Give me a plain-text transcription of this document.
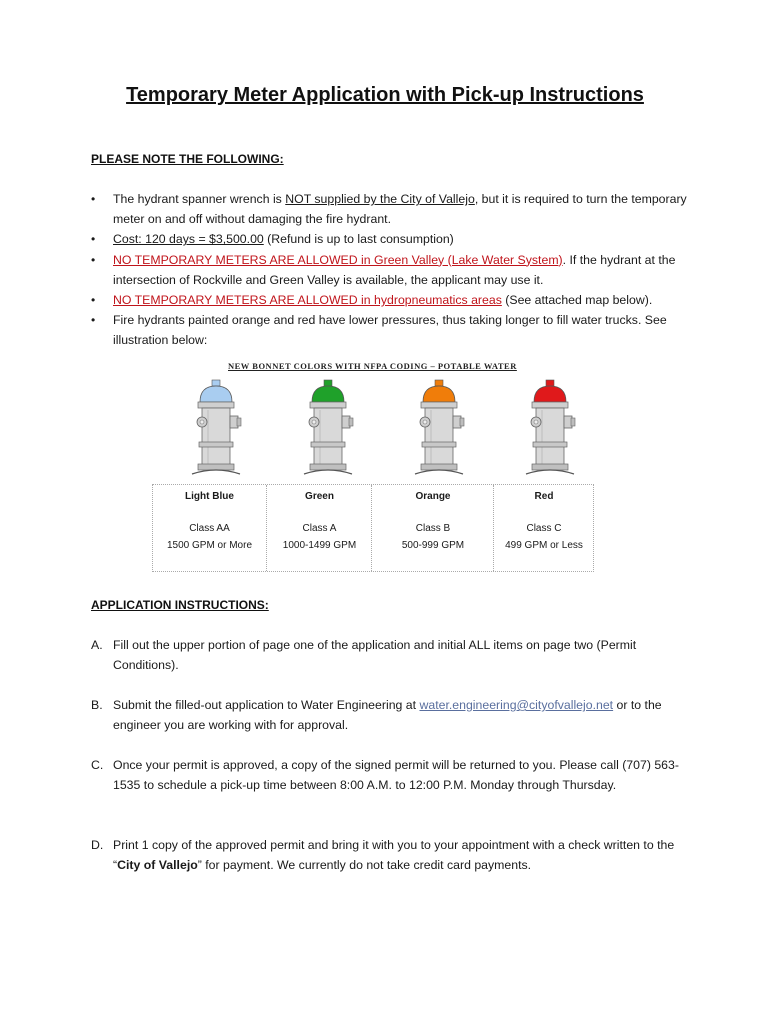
Temporary Meter Application with Pick-up Instructions
PLEASE NOTE THE FOLLOWING:
• The hydrant spanner wrench is NOT supplied by the City of Vallejo, but it is required to turn the temporary meter on and off without damaging the fire hydrant.
• Cost: 120 days = $3,500.00 (Refund is up to last consumption)
• NO TEMPORARY METERS ARE ALLOWED in Green Valley (Lake Water System). If the hydrant at the intersection of Rockville and Green Valley is available, the applicant may use it.
• NO TEMPORARY METERS ARE ALLOWED in hydropneumatics areas (See attached map below).
• Fire hydrants painted orange and red have lower pressures, thus taking longer to fill water trucks. See illustration below:
NEW BONNET COLORS WITH NFPA CODING – POTABLE WATER
Light Blue
Class AA
1500 GPM or More
Green
Class A
1000-1499 GPM
Orange
Class B
500-999 GPM
Red
Class C
499 GPM or Less
APPLICATION INSTRUCTIONS:
A. Fill out the upper portion of page one of the application and initial ALL items on page two (Permit Conditions).
B. Submit the filled-out application to Water Engineering at water.engineering@cityofvallejo.net or to the engineer you are working with for approval.
C. Once your permit is approved, a copy of the signed permit will be returned to you. Please call (707) 563-1535 to schedule a pick-up time between 8:00 A.M. to 12:00 P.M. Monday through Thursday.
D. Print 1 copy of the approved permit and bring it with you to your appointment with a check written to the “City of Vallejo” for payment. We currently do not take credit card payments.
